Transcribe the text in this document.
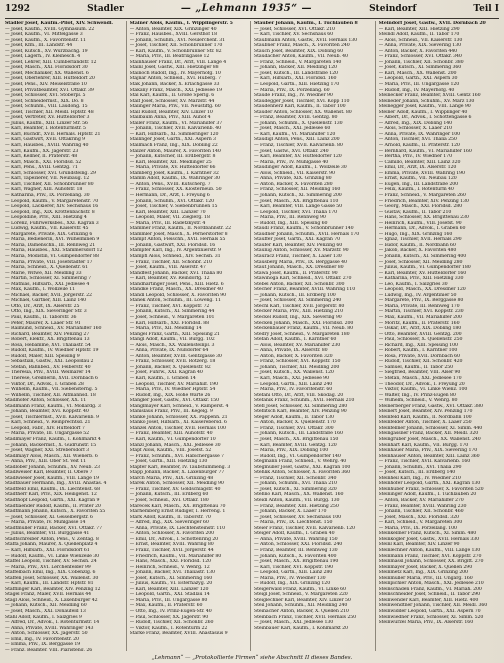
1292	Stadler	— „Lehmann 1935“ —	Steindorf	Teil I
Stadler Josef, Kaufm.-Pilot, XIV. Schwendl.
— Josef, Kaufm., XVIII. Gymnasium. 22
— Josef, Kaufm., VI. Mittelgasse 3
— Josef, Kaufm., X. Favoritenstr. 11
— Josef, Kfm., III. Landstr. 44
— Josef, Kutsch., XV. Wurzbachg. 19
— Josef, Lagerh., IV. Kleinesch. 4
— Josef, Lehrer, XIII. Cumberlandstr. 12
— Josef, Masch., XXI. Floridsdorf 30
— Josef, Mechaniker, XX. Wallenst. 6
— Josef, Oberlehrer, XIII. Hütteldorf 20
— Josef, Pens., XIV. Meiselstraße 10
— Josef, Privatbeamter, XVI. Ottakr. 39
— Josef, Schlosser, XVI. Stöberpl. 5
— Josef, Schneidermst., XIX. Dö. 8
— Josef, Schuhm., VIII. Laudong. 15
— Josef, Tischler, XII. Meidl. Hptstr. 48
— Josef, Vertreter, XV. Hütteldorfer 3
— Julius, Kaufm., XIII. Linzer Str. 56
— Karl, Beamter, I. Rotenturmstr. 5
— Karl, Buchdr., XVII. Hernals. Hptstr. 21
— Karl, Gastwirt, XVII. Ottakring 9
— Karl, Hausbes., XVIII. Währing 40
— Karl, Kaufm., XX. Jägerstr. 23
— Karl, Kellner, II. Praterstr. 48
— Karl, Masch., XXI. Floridsd. 52
— Karl, Pens., XVIII. Gentzg. 71
— Karl, Schlosser, XVI. Grundsteing. 29
— Karl, Tapezierer, VII. Neubaug. 12
— Karl, Tischler, XII. Schönbrunner 80
— Karl, Wagner, XIII. Auhofstr. 18
— Katharina, Priv., IX. Porzellang. 30
— Leopold, Kaufm., V. Margaretenstr. 70
— Leopold, Lackierer, XIV. Sechshaus 16
— Leopold, Ing., XIX. Krottenbachstr. 8
— Leopoldine, Priv., XIII. Hietzing 4
— Lorenz, Fuhrwerksbes., XXI. Kagran 3
— Ludwig, Kaufm., VII. Kaiserstr. 45
— Margarete, Private, XIX. Grinzing 6
— Maria, Bedienerin, XVI. Wilhelminen 9
— Maria, Damenschn., III. Rennweg 21
— Maria, Hausbes., XXI. Stammersdorf 12
— Maria, Modistin, VI. Gumpendorfer 88
— Maria, Private, VIII. Josefstädter 17
— Maria, Schneid., X. Quellenstr. 61
— Marie, Witwe, XII. Meidling 33
— Martin, Schlosser, XI. Simmering 7
— Mathias, Hilfsarb., XXI. Jedlesee 4
— Max, Kaufm., I. Wollzeile 11
— Michael, Bäcker, XVII. Jörgerstr. 22
— Michael, Gärtner, XIII. Lainz 140
— Otto, Dr., Arzt, IX. Alserstr. 25
— Otto, Ing., XIX. Sieveringer Str. 3
— Paul, Kaufm., II. Taborstr. 36
— Peter, Maurer, X. Laaer Str. 91
— Raimund, Schneid., XV. Mariahilfer 160
— Richard, Beamter, XIV. Penzing 27
— Robert, Elektr., XX. Brigittenau 13
— Rosa, Hebamme, XVI. Thaliastr. 54
— Rudolf, Kaufm., IV. Wiedner Hptstr. 19
— Rudolf, Maler, XIII. Speising 9
— Sebastian, Gastw., XXI. Leopoldau 2
— Stefan, Bahnbed., XV. Felberstr. 40
— Theresia, Priv., XVIII. Weimarer 14
— Therese, Greißlerin, XVII. Dornbach 6
— Viktor, Dr., Advok., I. Graben 28
— Wilhelm, Kaufm., VII. Siebensterng. 5
— Wilhelm, Tischler, XII. Altmannsd. 18
Stadlhofer Anton, Schlosser, XX. 11
Stadlmann Franz, Kaufm., VI. Mollardg. 3
— Johann, Beamter, XVI. Koppstr. 40
— Josef, Tischlermst., XVII. Kalvarienb. 9
— Karl, Schneid., V. Reinprechtsd. 21
— Leopold, Fabr., XIV. Hütteldorf 7
— Maria, Private, III. Ungargasse 52
Stadlmayer Franz, Kaufm., I. Kohlmarkt 4
— Johann, Bäckermst., X. Gudrunstr. 15
— Josef, Wagner, XXI. Strebersdorf 3
Stadlmayr Alois, Masch., XII. Wienerb. 6
— Anna, Priv., XIII. Ober St. Veit 11
Stadlober Johann, Schuhm., XV. Neub. 23
Stadlweiser Karl, Beamter, II. Obere 7
Stadlwieser Josef, Kaufm., VIII. Lange 19
Stadtbauer Hermann, Ing., XVIII. Anastas. 4
Stadtfeld Emil, Kaufm., IX. Liechtenst. 68
Stadtherr Karl, Priv., XIX. Heiligenst. 12
Stadthopf Leopold, Gärtn., XXI. Kagran 9
Stadtlaender Rudolf, Kaufm., II. Prater 20
Stadtmann Johann, Kutsch., X. Favoriten 55
— Josef, Schlosser, XI. Geiselbergstr. 6
— Maria, Private, IV. Mühlgasse 14
Stadtmüller Franz, Bäcker, XVI. Ottakr. 77
— Julius, Beamter, VII. Burggasse 41
Stadtschreiber Anton, Pens., V. Zentag. 8
Staffa Johann, Maurer, X. Quellenplatz 4
— Karl, Hilfsarb., XXI. Floridsdorf 61
— Rudolf, Kaufm., VI. Linke Wienzeile 30
Staffel Leopold, Tischler, XV. Sechsh. 24
— Maria, Priv., XVI. Lerchenfelder 99
Staffelbach Emil, Ing., XIX. Cobenzlg. 6
Staffen Josef, Schlosser, XX. Wallenst. 30
— Karl, Kaufm., III. Landstr. Hptstr. 81
Stafflinger Karl, Beamter, XIV. Penzing 12
Stagel Franz, Maler, XVII. Hernals 44
Stagl Alois, Schneid., X. Laxenburger 42
— Johann, Kutsch., XII. Meidling 60
— Josef, Masch., XXI. Donaufeld 13
Stahl Adolf, Kaufm., I. Salzgries 9
— Alfred, Dr., Advok., I. Rotenturmstr. 14
— Anna, Private, XVIII. Währinger 143
— Anton, Schlosser, XX. Jägerstr. 50
— Emil, Ing., IV. Favoritenstr. 20
— Emma, Priv., IX. Berggasse 19
— Franz, Beamter, VIII. Piaristeng. 26
Stainer Alois, Kaufm., I. Wipplingerstr. 5
— Anton, Beamter, XIX. Grinzinger 40
— Franz, Hausbes., XVIII. Gersthof 18
— Johann, Schuhm., XVI. Neulerchenf. 31
— Josef, Tischler, XII. Schönbrunner 170
— Karl, Kaufm., V. Schönbrunner Str. 82
— Maria, Priv., III. Beatrixgasse 12
Stainhauser Franz, Dr., Arzt, VIII. Lange 4
Stainl Josef, Gastw., XIII. Hietzinger 88
Stainoch Rudolf, Ing., IV. Mayerhofg. 10
Stajnar Anton, Schneid., XVI. Huberg. 7
Stak Johann, Bäcker, X. Erlachgasse 33
Stakany Franz, Masch., XXI. Jedlesee 19
Stal Karl, Kaufm., II. Große Sperlg. 6
Stalf Josef, Schlosser, XV. Märzstr. 44
Stalinger Maria, Priv., VII. Neustiftg. 60
Stall Rudolf, Beamter, XIV. Linzer 10
Stallbaum Anna, Priv., XIII. Auhof 4
Staller Franz, Kaufm., VI. Mariahilfer 37
— Johann, Tischler, XVII. Kalvarienb. 40
— Karl, Hilfsarb., XI. Simmeringer 120
Stallinger Josef, Gärtn., XXI. Aspern 3
Stallmach Franz, Ing., XIX. Döbling 22
Stalzer Anton, Maurer, X. Favoriten 140
— Johann, Kutscher, III. Erdbergstr. 8
— Karl, Beamter, XII. Meidlinger 25
— Maria, Private, XV. Hütteldorfer 66
Stamberg Josef, Kaufm., I. Kärntner 32
Stamm Adolf, Kaufm., IX. Währinger 30
— Anton, Pens., XVIII. Kutscherg. 7
— Franz, Schlosser, XX. Klosterneub. 50
— Hermann, Dr., Arzt, I. Freyung 6
— Johann, Schuhm., XVI. Ottakr. 120
— Josef, Tischler, V. Siebenbrunnen 15
— Karl, Beamter, XIII. Lainzer 70
— Leopold, Maler, VII. Zieglerg. 18
— Maria, Priv., III. Radetzkystr. 4
Stammer Franz, Kaufm., II. Nordbahnstr. 22
Stammler Josef, Masch., X. Pernerstorfer 8
Stampf Anton, Fleischh., XVII. Hernals 55
— Johann, Gastwirt, XXI. Floridsd. 16
Stampfer Karl, Ing., IV. Argentinierstr. 9
Stampfl Alois, Schneid., XIV. Sechsh. 31
— Franz, Tischler, XII. Schönbr. 210
— Josef, Kaufm., VIII. Alserstr. 47
Standfest Johann, Bäcker, XVI. Thalia 80
— Karl, Beamter, XV. Reindorfg. 12
Standhartinger Josef, Pens., XIII. Hietz. 6
Standke Franz, Masch., XX. Dresdner 40
Standl Leopold, Schlosser, X. Favoriten 90
Staněk Anton, Schuhm., III. Löweng. 11
— Franz, Tischler, XVI. Koppstr. 72
— Johann, Kutsch., XI. Simmering 44
— Josef, Schneid., V. Margareten 101
— Karl, Hilfsarb., XXI. Floridsd. 88
— Maria, Priv., XII. Meidling 14
Stangel Franz, Gärtn., XIII. Speising 21
Stangl Adolf, Kaufm., VII. Burgg. 102
— Alois, Masch., XX. Wallensteinpl. 3
— Anna, Private, IX. Nußdorfer 64
— Anton, Beamter, XVIII. Gentzgasse 30
— Franz, Schlosser, XVII. Rötzerg. 18
— Johann, Bäcker, X. Quellenstr. 82
— Josef, Fuhrw., XXI. Kagran 40
— Karl, Kaufm., I. Graben 14
— Leopold, Tischler, XV. Mariahilf. 190
— Maria, Priv., IV. Wiedner Hptstr. 54
— Rudolf, Ing., XIX. Hohe Warte 26
Stangler Josef, Gastw., XVI. Ottakr. 150
Stanglmayer Karl, Schneid., V. Ramperst. 4
Stanislaus Franz, Priv., III. Kegelg. 9
Stanke Johann, Schlosser, XX. Pappenh. 21
Stanko Josef, Hilfsarb., XI. Kaiserebersd. 6
Stanzel Anton, Tischler, XVII. Hernals 100
— Franz, Beamter, XIII. Auhofstr. 40
— Karl, Kaufm., VI. Gumpendorfer 10
Stanzl Johann, Masch., XXI. Jedlesee 30
Stapf Alois, Kaufm., VIII. Josefst. 52
— Franz, Schuhm., XVI. Habichergasse 7
— Josef, Gärtn., XIII. Hietzing 130
Stapfer Karl, Beamter, IV. Taubstummeng. 3
Stapp Johann, Bäcker, X. Laxenburger 77
Starch Maria, Priv., XIX. Grinzing 48
Starek Anton, Schlosser, XII. Meidling 90
— Franz, Tischler, XV. Goldschlagstr. 40
— Johann, Kutsch., III. Erdberg 60
— Josef, Schneid., XVI. Ottakr. 180
Stareček Karl, Masch., XX. Brigittenau 70
Starhemberg Ernst Rüdiger, I. Herreng. 1
Stark Adolf, Kaufm., II. Taborstr. 70
— Alfred, Ing., XIX. Sieveringer 60
— Anna, Private, IX. Liechtensteinstr. 110
— Anton, Schlosser, X. Favoriten 200
— Emil, Dr., Advok., I. Schottenring 20
— Ernst, Beamter, XVIII. Währing 80
— Franz, Tischler, XVII. Jörgerstr. 44
— Friedrich, Kaufm., VII. Mariahilfer 80
— Hans, Masch., XXI. Floridsd. 120
— Heinrich, Schneid., V. Wehrg. 12
— Johann, Bäcker, XVI. Thaliastr. 130
— Josef, Kutsch., XI. Simmering 160
— Julius, Kaufm., VI. Esterhazyg. 20
— Karl, Beamter, XIII. Lainzer 120
— Leopold, Gärtn., XXI. Stadlau 14
— Maria, Priv., III. Ungargasse 80
— Max, Kaufm., II. Praterstr. 60
— Otto, Ing., IV. Prinz-Eugen-Str. 40
— Paul, Schlosser, XX. Jägerstr. 90
— Rudolf, Tischler, XII. Schönbr. 260
— Viktor, Kaufm., I. Rotenturm 22
Starke Franz, Beamter, XVIII. Anastasius 9
Stauber Johann, Kaufm., I. Tuchlauben 8
— Josef, Schlosser, XVI. Ottakr. 210
— Karl, Tischler, XV. Sechshaus 60
Staubmann Anton, Gastw., XVII. Hernals 130
Staubner Franz, Masch., X. Favoriten 240
Stauch Josef, Beamter, XIX. Döbling 60
Staudacher Anton, Kaufm., VII. Neub. 40
— Franz, Schneid., V. Margareten 140
— Johann, Bäcker, XII. Meidling 120
— Josef, Kutsch., III. Landstraße 120
— Karl, Hilfsarb., XXI. Floridsd. 160
— Leopold, Gärtn., XIII. Hietzing 170
— Maria, Priv., IX. Porzellang. 60
Staude Franz, Ing., IV. Wiedner 90
Staudegger Josef, Tischler, XVI. Kopp 110
Staudenherz Karl, Kaufm., II. Tabor 100
Stauder Anton, Schlosser, XX. Wallenst. 80
— Franz, Beamter, XVIII. Gentzg. 80
— Johann, Schuhm., X. Quellenstr. 130
— Josef, Masch., XXI. Jedlesee 60
— Karl, Kaufm., VI. Mariahilfer 120
Staudigl Anton, Pens., XIII. Lainz 200
— Franz, Tischler, XVII. Kalvarienb. 80
— Josef, Gastw., XVI. Ottakr. 240
— Karl, Beamter, XV. Hütteldorfer 120
— Maria, Priv., IV. Mühlgasse 40
Staudinger Adolf, Kaufm., I. Wollzeile 30
— Alois, Schneid., VII. Kaiserstr. 90
— Anna, Private, XIX. Grinzing 80
— Anton, Bäcker, X. Favoriten 280
— Franz, Schlosser, XII. Meidling 160
— Johann, Kutsch., XI. Simmering 200
— Josef, Masch., XX. Brigittenau 110
— Karl, Beamter, VIII. Lange Gasse 50
— Leopold, Tischler, XVI. Thalia 170
— Maria, Priv., III. Rennweg 90
— Rudolf, Ing., XIII. Speising 60
Staudl Franz, Kaufm., V. Schönbrunner 140
Staudner Johann, Schuhm., XVII. Hernals 170
Stauffer Josef, Gärtn., XXI. Kagran 70
Staufer Karl, Beamter, XIV. Penzing 60
Staunig Anton, Schlosser, XV. Märzstr. 90
Stauracz Franz, Tischler, X. Laaer 130
Stausberg Maria, Priv., IX. Berggasse 40
Staut Johann, Masch., XX. Dresdner 80
Stawa Josef, Kaufm., II. Praterstr. 90
Stawinoga Karl, Schneid., XVI. Ottakr. 270
Stebel Anton, Bäcker, XII. Schönbr. 300
Stecher Franz, Beamter, XVIII. Währing 110
— Johann, Kutsch., III. Erdberg 100
— Josef, Schlosser, XI. Simmering 240
Stechl Karl, Tischler, XVII. Jörgerstr. 80
Stecker Maria, Priv., XIII. Hietzing 210
Steckel Rudolf, Ing., XIX. Sievering 90
Stecken Johann, Masch., XXI. Floridsd. 200
Steckenbauer Franz, Kaufm., VII. Neub. 80
Stedry Josef, Schneid., V. Margareten 180
Stefan Adolf, Kaufm., I. Kärntner 60
— Alois, Beamter, XV. Mariahilfer 230
— Anna, Private, IX. Alserstr. 80
— Anton, Bäcker, X. Favoriten 320
— Franz, Schlosser, XVI. Koppstr. 150
— Johann, Tischler, XII. Meidling 200
— Josef, Kutsch., XX. Wallenst. 120
— Karl, Masch., XXI. Jedlesee 90
— Leopold, Gärtn., XIII. Lainz 240
— Maria, Priv., IV. Favoritenstr. 60
Stefani Otto, Dr., Arzt, VIII. Skodag. 20
Stefanik Franz, Schuhm., XVII. Hernals 210
Stefl Josef, Schlosser, XI. Simmering 280
Steflitsch Karl, Beamter, XIV. Penzing 90
Steger Adolf, Kaufm., II. Tabor 130
— Anton, Bäcker, X. Quellenstr. 170
— Franz, Tischler, XVI. Ottakr. 300
— Johann, Kutsch., III. Landstraße 160
— Josef, Masch., XX. Brigittenau 150
— Karl, Beamter, XVIII. Gentzg. 120
— Maria, Priv., XIX. Döbling 100
— Rudolf, Ing., VI. Gumpendorfer 140
Stegmann Franz, Schneid., V. Wehrg. 40
Stegmüller Josef, Gastw., XXI. Kagran 100
Stehlik Anton, Schlosser, X. Favoriten 360
— Franz, Tischler, XII. Schönbr. 340
— Johann, Schuhm., XVI. Thalia 210
— Josef, Kutsch., XI. Simmering 320
Stehno Karl, Masch., XX. Wallenst. 160
Steidl Anton, Kaufm., VII. Burgg. 130
— Franz, Beamter, XIII. Hietzing 250
— Johann, Bäcker, X. Laaer 170
— Josef, Schlosser, XV. Sechshaus 100
— Maria, Priv., IX. Liechtenst. 150
Steier Franz, Tischler, XVII. Kalvarienb. 120
Steiger Adolf, Kaufm., I. Graben 40
— Anna, Private, XVIII. Währing 150
— Anton, Schlosser, XXI. Floridsd. 240
— Franz, Beamter, III. Rennweg 130
— Johann, Kutsch., X. Favoriten 400
— Josef, Masch., XX. Brigittenau 190
— Karl, Tischler, XVI. Koppstr. 190
— Leopold, Gärtn., XIII. Lainz 280
— Maria, Priv., IV. Wiedner 130
— Rudolf, Ing., XIX. Grinzing 120
Steigerwald Franz, Kaufm., VI. Linke 60
Steigl Josef, Schneid., V. Margareten 220
Steiglechner Karl, Beamter, XIV. Linzer 50
Steil Johann, Schuhm., XII. Meidling 240
Steinacher Anton, Bäcker, X. Quellen 210
Steinbach Franz, Tischler, XVII. Hernals 250
— Josef, Masch., XXI. Jedlesee 130
Steinbauer Karl, Kaufm., I. Kohlmarkt 20
Steindorf Josef, Gastw., XVII. Dornbach 20
— Karl, Beamter, XIII. Hietzing 290
Steindl Adolf, Kaufm., II. Tabor 170
— Alois, Schneid., VII. Kaiserstr. 130
— Anna, Private, XIX. Sievering 130
— Anton, Bäcker, X. Favoriten 440
— Franz, Schlosser, XVI. Ottakr. 340
— Johann, Tischler, XII. Schönbr. 380
— Josef, Kutsch., XI. Simmering 360
— Karl, Masch., XX. Wallenst. 200
— Leopold, Gärtn., XXI. Aspern 30
— Maria, Priv., III. Ungargasse 120
— Rudolf, Ing., IV. Mayerhofg. 40
Steinecker Franz, Beamter, XVIII. Gentz 160
Steineder Johann, Schuhm., XV. März 130
Steinegger Josef, Kaufm., VIII. Lange 90
Steiner Adolf, Kaufm., I. Wipplinger 40
— Albert, Dr., Advok., I. Schottengasse 6
— Alfred, Ing., XIX. Döbling 140
— Alois, Schlosser, X. Laaer 210
— Anna, Private, IX. Währinger 100
— Anton, Tischler, XVI. Thalia 250
— Arnold, Kaufm., II. Praterstr. 120
— Bernhard, Kaufm., VI. Mariahilfer 160
— Bertha, Priv., IV. Wiedner 170
— Camillo, Beamter, XIII. Lainz 320
— Emil, Dr., Arzt, IX. Alserstr. 120
— Emma, Private, XVIII. Währing 190
— Ernst, Kaufm., VII. Neubau 120
— Eugen, Ing., III. Landstraße 200
— Felix, Kaufm., I. Rotenturm 40
— Franz, Schneid., V. Margareten 260
— Friedrich, Beamter, XIV. Penzing 130
— Georg, Masch., XXI. Floridsd. 280
— Gustav, Kaufm., II. Tabor 210
— Hans, Schlosser, XX. Brigittenau 230
— Heinrich, Kaufm., VIII. Josefst. 90
— Hermann, Dr., Advok., I. Graben 60
— Hugo, Ing., XIX. Grinzing 160
— Ignaz, Tischler, XVII. Hernals 290
— Isidor, Kaufm., II. Nordbahn 60
— Jakob, Bäcker, X. Favoriten 480
— Johann, Kutsch., XI. Simmering 400
— Josef, Schlosser, XII. Meidling 280
— Julius, Kaufm., VI. Gumpendorfer 180
— Karl, Beamter, XV. Hütteldorfer 160
— Katharina, Priv., XIII. Hietzing 330
— Leo, Kaufm., I. Salzgries 30
— Leopold, Masch., XX. Dresdner 120
— Ludwig, Ing., IV. Argentinier 50
— Margarete, Priv., IX. Berggasse 80
— Maria, Private, III. Rennweg 170
— Martin, Tischler, XVI. Koppstr. 230
— Max, Kaufm., VII. Mariahilfer 200
— Moritz, Kaufm., II. Praterstr. 160
— Oskar, Dr., Arzt, XIX. Döbling 180
— Otto, Beamter, XVIII. Gentzg. 200
— Paul, Schlosser, X. Quellenstr. 250
— Richard, Ing., XIII. Speising 100
— Robert, Kaufm., I. Kärntner 100
— Rosa, Private, XVII. Dornbach 60
— Rudolf, Tischler, XII. Schönbr. 420
— Samuel, Kaufm., II. Tabor 250
— Siegfried, Beamter, VIII. Alser 90
— Stefan, Masch., XXI. Jedlesee 170
— Theodor, Dr., Advok., I. Freyung 20
— Viktor, Kaufm., VI. Linke Wienz. 100
— Walter, Ing., IV. Prinz-Eugen 80
— Wilhelm, Schneid., V. Wehrg. 80
Steinerberger Franz, Gastw., XVI. Ottakr. 380
Steinert Josef, Beamter, XIV. Penzing 170
Steinfeld Karl, Kaufm., II. Nordbahn 100
Steinfelder Anton, Tischler, X. Laaer 250
Steinfellner Johann, Schlosser, XI. Simm. 440
Steingassner Franz, Bäcker, XII. Meidl. 320
Steingruber Josef, Masch., XX. Wallenst. 240
Steinhart Karl, Kaufm., VII. Burgg. 170
Steinhauer Maria, Priv., XIX. Sievering 170
Steinhauser Anton, Beamter, XIII. Lainz 360
— Franz, Tischler, XVII. Kalvarienb. 160
— Johann, Schuhm., XVI. Thalia 290
— Josef, Kutsch., III. Erdberg 140
Steinheil Karl, Ing., IV. Wiedner 210
Steinhofer Leopold, Gärtn., XXI. Kagran 130
Steinhuber Franz, Schlosser, X. Favoriten 520
Steininger Adolf, Kaufm., I. Tuchlauben 20
— Anton, Bäcker, XV. Mariahilfer 270
— Franz, Beamter, XVIII. Währing 230
— Johann, Tischler, XII. Schönbr. 460
— Josef, Masch., XXI. Floridsd. 320
— Karl, Schneid., V. Margareten 300
— Maria, Priv., IX. Porzellang. 100
Steinkellner Franz, Kutsch., XI. Simm. 480
Steinkogler Josef, Gastw., XVII. Hernals 330
Steinl Karl, Beamter, XIV. Linzer 90
Steinlechner Anton, Kaufm., VIII. Lange 130
Steinmann Franz, Tischler, XVI. Koppstr. 270
Steinmassl Johann, Schlosser, XX. Brigitt. 270
Steinmayer Josef, Bäcker, X. Quellen 290
Steinmetz Karl, Ing., XIX. Grinzing 200
Steinmüller Maria, Priv., III. Ungarg. 160
Steinpichler Anton, Masch., XXI. Jedlesee 210
Steinschaden Franz, Kaufm., VI. Mariah. 200
Steinschneider Josef, Schneid., II. Tabor 290
Steinwender Karl, Beamter, XIII. Hietz. 400
Steinwendtner Johann, Tischler, XII. Meidl. 360
Steinwidder Leopold, Gärtn., XXI. Aspern 70
Steinwiedner Franz, Schlosser, XI. Simm. 520
Steinwurzel Maria, Priv., IX. Alserstr. 160
„Lehmann“ — „Protokollierte Firmen“ siehe Abschnitt II dieses Bandes.
